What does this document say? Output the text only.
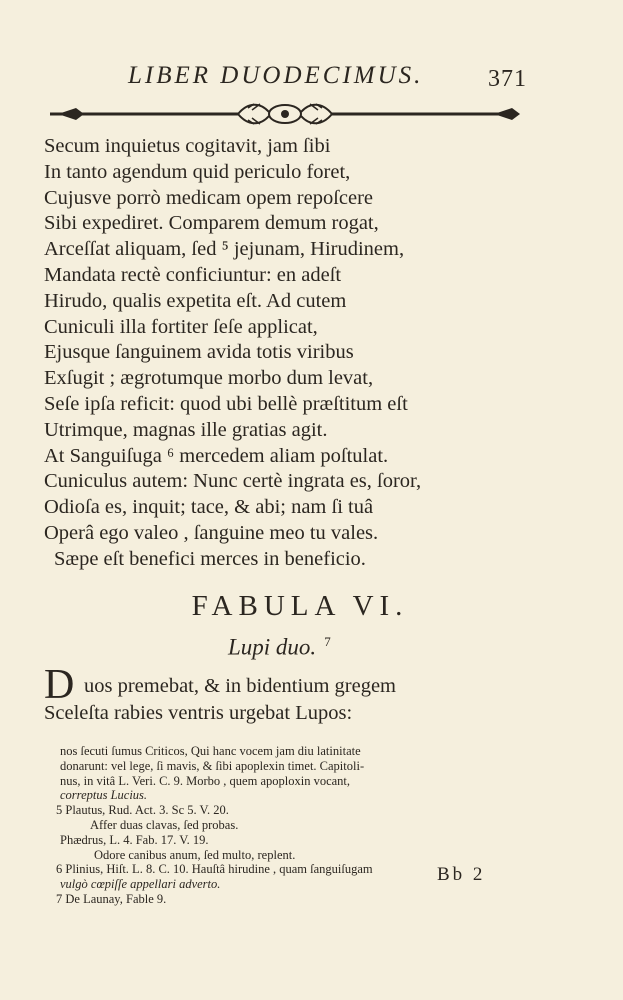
LIBER DUODECIMUS.	371
Secum inquietus cogitavit, jam ſibi
In tanto agendum quid periculo foret,
Cujusve porrò medicam opem repoſcere
Sibi expediret. Comparem demum rogat,
Arceſſat aliquam, ſed ⁵ jejunam, Hirudinem,
Mandata rectè conficiuntur: en adeſt
Hirudo, qualis expetita eſt. Ad cutem
Cuniculi illa fortiter ſeſe applicat,
Ejusque ſanguinem avida totis viribus
Exſugit ; ægrotumque morbo dum levat,
Seſe ipſa reficit: quod ubi bellè præſtitum eſt
Utrimque, magnas ille gratias agit.
At Sanguiſuga ⁶ mercedem aliam poſtulat.
Cuniculus autem: Nunc certè ingrata es, ſoror,
Odioſa es, inquit; tace, & abi; nam ſi tuâ
Operâ ego valeo , ſanguine meo tu vales.
Sæpe eſt benefici merces in beneficio.
FABULA VI.
Lupi duo. $^7$
D uos premebat, & in bidentium gregem
Sceleſta rabies ventris urgebat Lupos:
nos ſecuti ſumus Criticos, Qui hanc vocem jam diu latinitate
donarunt: vel lege, ſi mavis, & ſibi apoplexin timet. Capitoli-
nus, in vitâ L. Veri. C. 9. Morbo , quem apoploxin vocant,
correptus Lucius.
5 Plautus, Rud. Act. 3. Sc 5. V. 20.
Affer duas clavas, ſed probas.
Phædrus, L. 4. Fab. 17. V. 19.
Odore canibus anum, ſed multo, replent.
6 Plinius, Hiſt. L. 8. C. 10. Hauſtâ hirudine , quam ſanguiſugam
vulgò cœpiſſe appellari adverto.
7 De Launay, Fable 9.
Bb 2
